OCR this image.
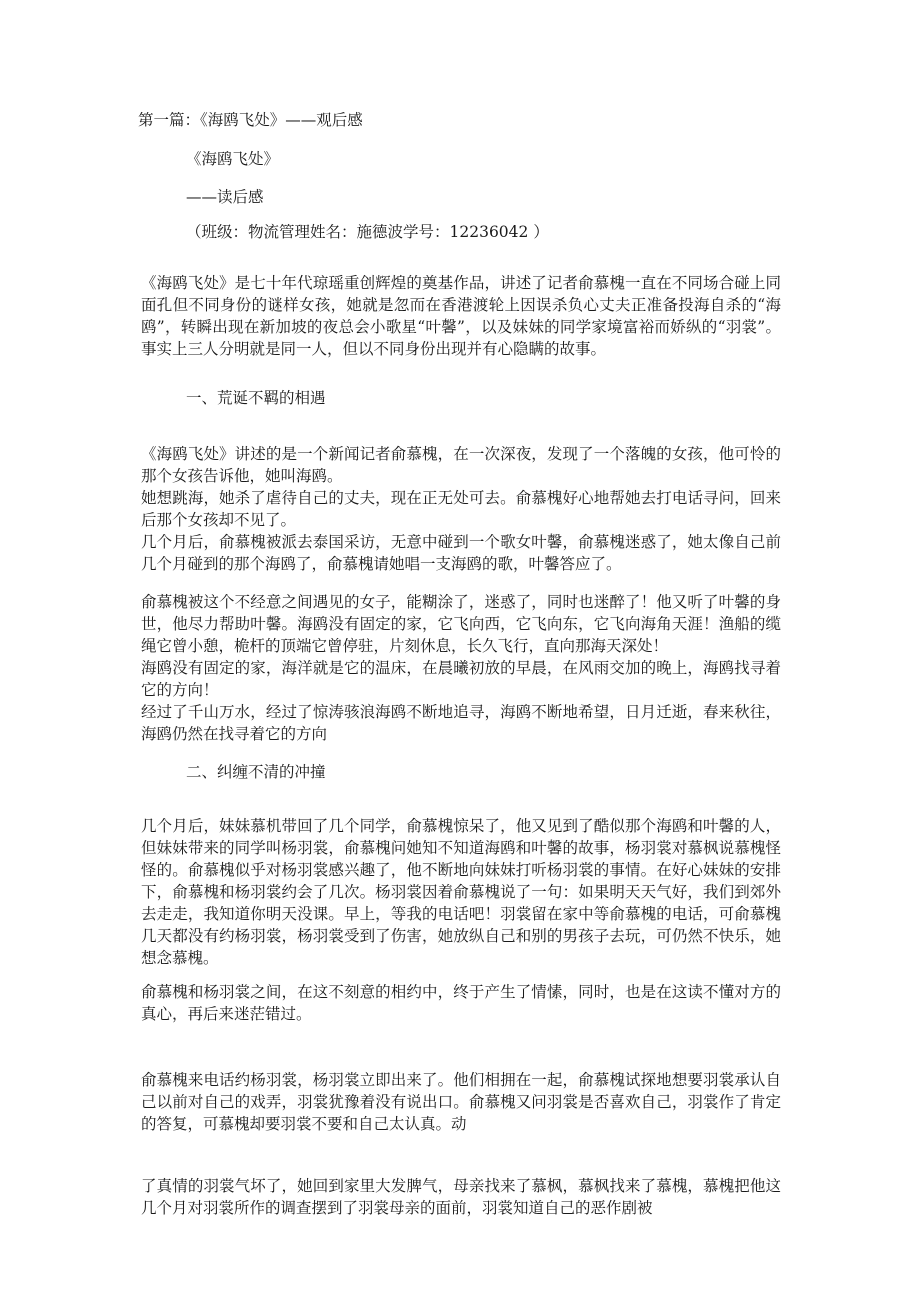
第一篇：《海鸥飞处》——观后感
《海鸥飞处》
——读后感
（班级：物流管理姓名：施德波学号：12236042 ）

《海鸥飞处》是七十年代琼瑶重创辉煌的奠基作品，讲述了记者俞慕槐一直在不同场合碰上同面孔但不同身份的谜样女孩，她就是忽而在香港渡轮上因误杀负心丈夫正准备投海自杀的“海鸥”，转瞬出现在新加坡的夜总会小歌星“叶馨”，以及妹妹的同学家境富裕而娇纵的“羽裳”。事实上三人分明就是同一人，但以不同身份出现并有心隐瞒的故事。

一、荒诞不羁的相遇

《海鸥飞处》讲述的是一个新闻记者俞慕槐，在一次深夜，发现了一个落魄的女孩，他可怜的那个女孩告诉他，她叫海鸥。

她想跳海，她杀了虐待自己的丈夫，现在正无处可去。俞慕槐好心地帮她去打电话寻问，回来后那个女孩却不见了。

几个月后，俞慕槐被派去泰国采访，无意中碰到一个歌女叶馨，俞慕槐迷惑了，她太像自己前几个月碰到的那个海鸥了，俞慕槐请她唱一支海鸥的歌，叶馨答应了。

俞慕槐被这个不经意之间遇见的女子，能糊涂了，迷惑了，同时也迷醉了！他又听了叶馨的身世，他尽力帮助叶馨。海鸥没有固定的家，它飞向西，它飞向东，它飞向海角天涯！渔船的缆绳它曾小憩，桅杆的顶端它曾停驻，片刻休息，长久飞行，直向那海天深处！

海鸥没有固定的家，海洋就是它的温床，在晨曦初放的早晨，在风雨交加的晚上，海鸥找寻着它的方向！

经过了千山万水，经过了惊涛骇浪海鸥不断地追寻，海鸥不断地希望，日月迁逝，春来秋往，海鸥仍然在找寻着它的方向

二、纠缠不清的冲撞

几个月后，妹妹慕机带回了几个同学，俞慕槐惊呆了，他又见到了酷似那个海鸥和叶馨的人，但妹妹带来的同学叫杨羽裳，俞慕槐问她知不知道海鸥和叶馨的故事，杨羽裳对慕枫说慕槐怪怪的。俞慕槐似乎对杨羽裳感兴趣了，他不断地向妹妹打听杨羽裳的事情。在好心妹妹的安排下，俞慕槐和杨羽裳约会了几次。杨羽裳因着俞慕槐说了一句：如果明天天气好，我们到郊外去走走，我知道你明天没课。早上，等我的电话吧！羽裳留在家中等俞慕槐的电话，可俞慕槐几天都没有约杨羽裳，杨羽裳受到了伤害，她放纵自己和别的男孩子去玩，可仍然不快乐，她想念慕槐。

俞慕槐和杨羽裳之间，在这不刻意的相约中，终于产生了情愫，同时，也是在这读不懂对方的真心，再后来迷茫错过。

俞慕槐来电话约杨羽裳，杨羽裳立即出来了。他们相拥在一起，俞慕槐试探地想要羽裳承认自己以前对自己的戏弄，羽裳犹豫着没有说出口。俞慕槐又问羽裳是否喜欢自己，羽裳作了肯定的答复，可慕槐却要羽裳不要和自己太认真。动

了真情的羽裳气坏了，她回到家里大发脾气，母亲找来了慕枫，慕枫找来了慕槐，慕槐把他这几个月对羽裳所作的调查摆到了羽裳母亲的面前，羽裳知道自己的恶作剧被
